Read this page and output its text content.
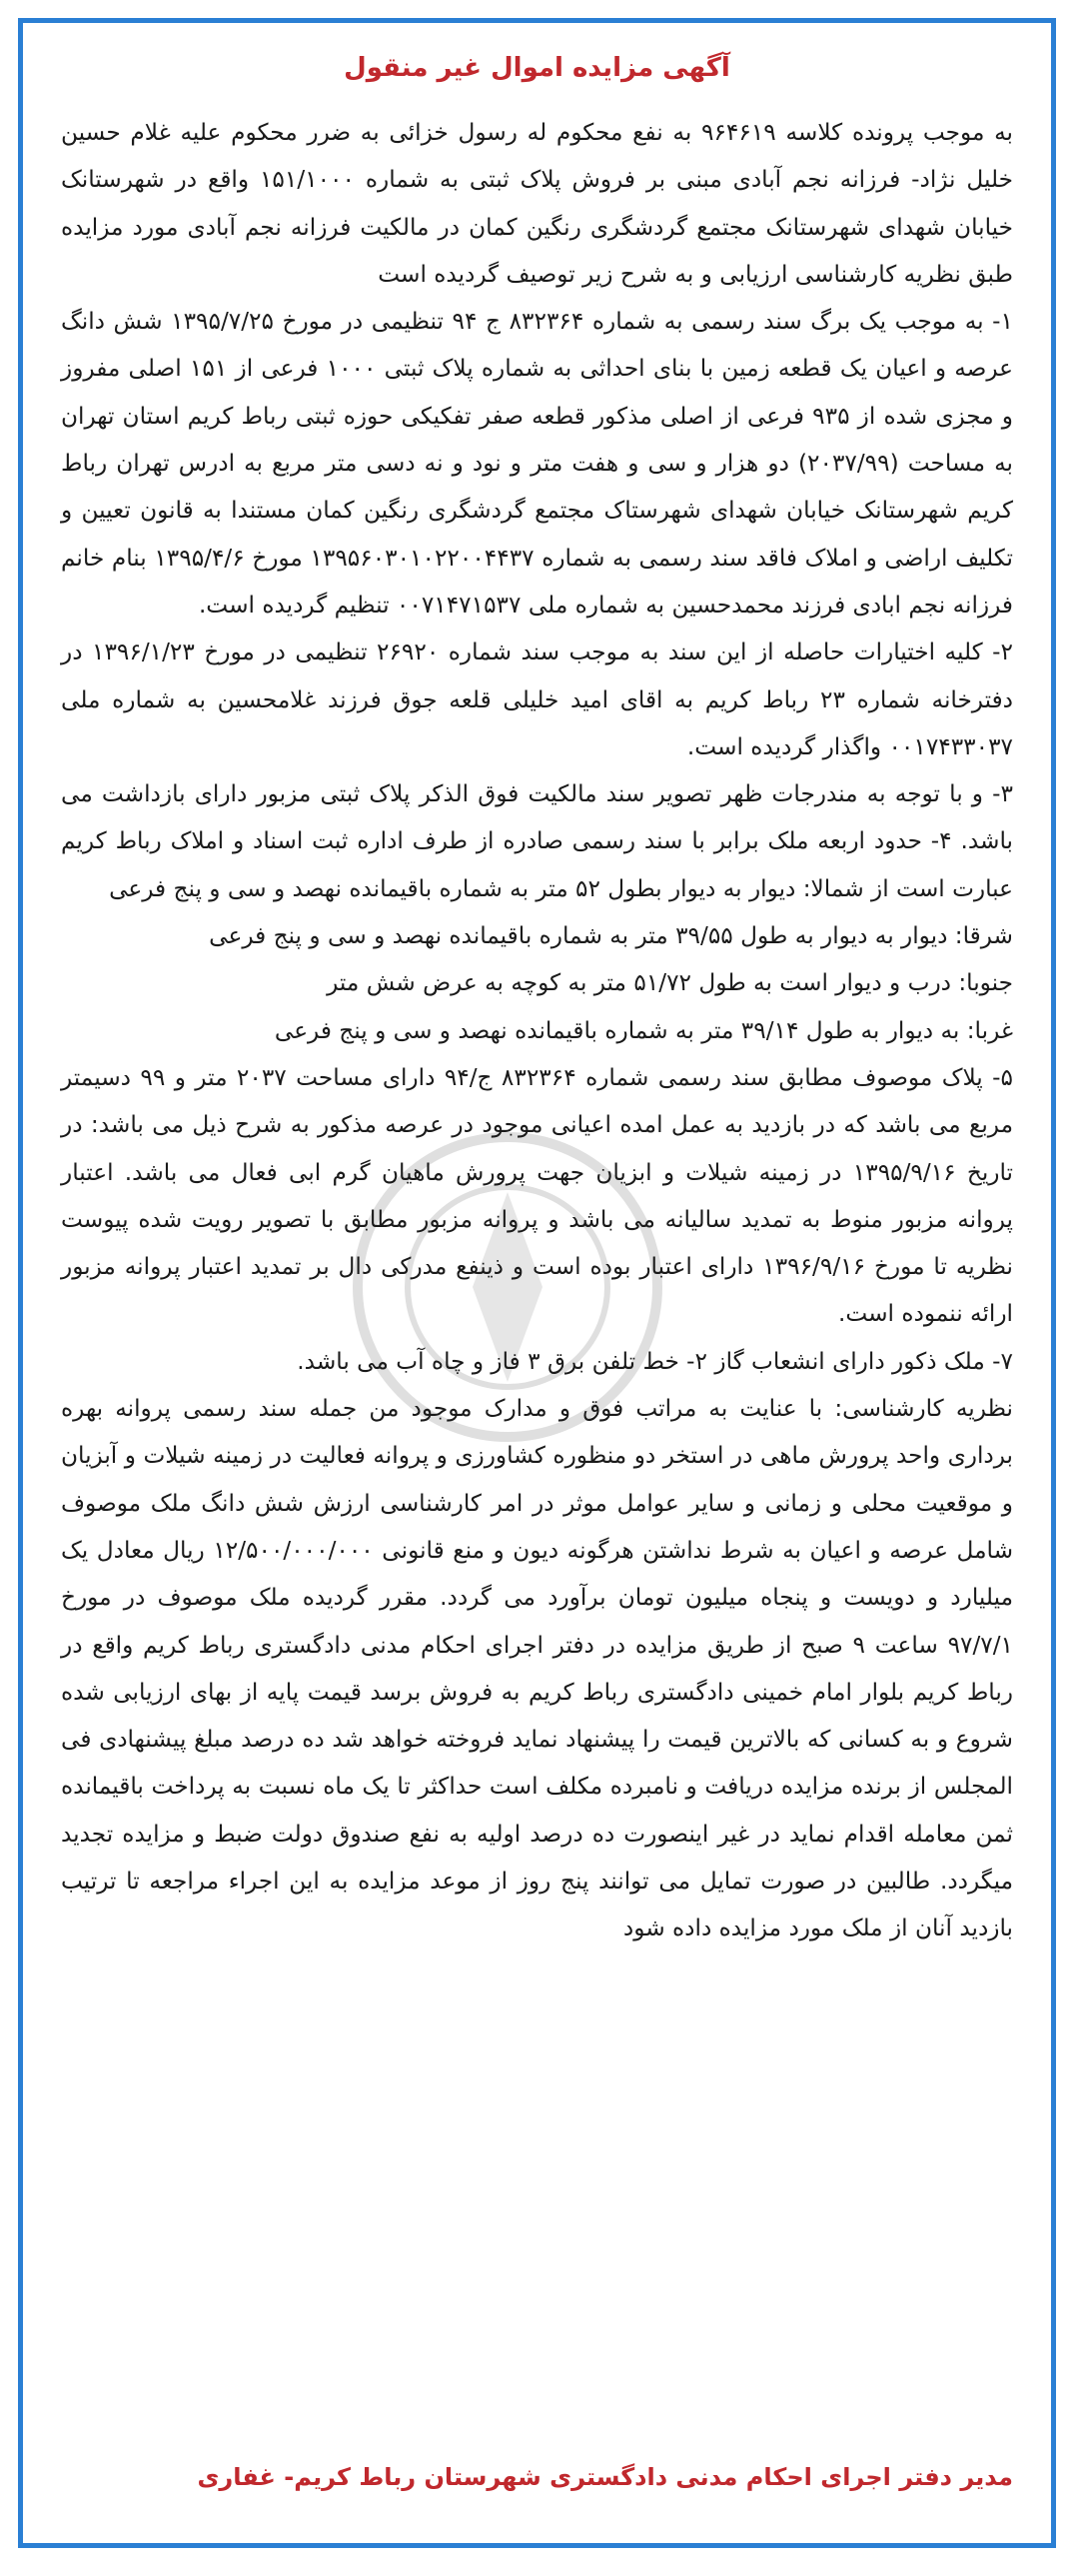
آگهی مزایده اموال غیر منقول

به موجب پرونده کلاسه ۹۶۴۶۱۹ به نفع محکوم له رسول خزائی به ضرر محکوم علیه غلام حسین خلیل نژاد- فرزانه نجم آبادی مبنی بر فروش پلاک ثبتی به شماره ۱۵۱/۱۰۰۰ واقع در شهرستانک خیابان شهدای شهرستانک مجتمع گردشگری رنگین کمان در مالکیت فرزانه نجم آبادی مورد مزایده طبق نظریه کارشناسی ارزیابی و به شرح زیر توصیف گردیده است

۱- به موجب یک برگ سند رسمی به شماره ۸۳۲۳۶۴ ج ۹۴ تنظیمی در مورخ ۱۳۹۵/۷/۲۵ شش دانگ عرصه و اعیان یک قطعه زمین با بنای احداثی به شماره پلاک ثبتی ۱۰۰۰ فرعی از ۱۵۱ اصلی مفروز و مجزی شده از ۹۳۵ فرعی از اصلی مذکور قطعه صفر تفکیکی حوزه ثبتی رباط کریم استان تهران به مساحت (۲۰۳۷/۹۹) دو هزار و سی و هفت متر و نود و نه دسی متر مربع به ادرس تهران رباط کریم شهرستانک خیابان شهدای شهرستاک مجتمع گردشگری رنگین کمان مستندا به قانون تعیین و تکلیف اراضی و املاک فاقد سند رسمی به شماره ۱۳۹۵۶۰۳۰۱۰۲۲۰۰۴۴۳۷ مورخ ۱۳۹۵/۴/۶ بنام خانم فرزانه نجم ابادی فرزند محمدحسین به شماره ملی ۰۰۷۱۴۷۱۵۳۷ تنظیم گردیده است.

۲- کلیه اختیارات حاصله از این سند به موجب سند شماره ۲۶۹۲۰ تنظیمی در مورخ ۱۳۹۶/۱/۲۳ در دفترخانه شماره ۲۳ رباط کریم به اقای امید خلیلی قلعه جوق فرزند غلامحسین به شماره ملی ۰۰۱۷۴۳۳۰۳۷ واگذار گردیده است.

۳- و با توجه به مندرجات ظهر تصویر سند مالکیت فوق الذکر پلاک ثبتی مزبور دارای بازداشت می باشد. ۴- حدود اربعه ملک برابر با سند رسمی صادره از طرف اداره ثبت اسناد و املاک رباط کریم عبارت است از شمالا: دیوار به دیوار بطول ۵۲ متر به شماره باقیمانده نهصد و سی و پنج فرعی

شرقا: دیوار به دیوار به طول ۳۹/۵۵ متر به شماره باقیمانده نهصد و سی و پنج فرعی

جنوبا: درب و دیوار است به طول ۵۱/۷۲ متر به کوچه به عرض شش متر

غربا: به دیوار به طول ۳۹/۱۴ متر به شماره باقیمانده نهصد و سی و پنج فرعی

۵- پلاک موصوف مطابق سند رسمی شماره ۸۳۲۳۶۴ ج/۹۴ دارای مساحت ۲۰۳۷ متر و ۹۹ دسیمتر مربع می باشد که در بازدید به عمل امده اعیانی موجود در عرصه مذکور به شرح ذیل می باشد: در تاریخ ۱۳۹۵/۹/۱۶ در زمینه شیلات و ابزیان جهت پرورش ماهیان گرم ابی فعال می باشد. اعتبار پروانه مزبور منوط به تمدید سالیانه می باشد و پروانه مزبور مطابق با تصویر رویت شده پیوست نظریه تا مورخ ۱۳۹۶/۹/۱۶ دارای اعتبار بوده است و ذینفع مدرکی دال بر تمدید اعتبار پروانه مزبور ارائه ننموده است.

۷- ملک ذکور دارای انشعاب گاز ۲- خط تلفن برق ۳ فاز و چاه آب می باشد.

نظریه کارشناسی: با عنایت به مراتب فوق و مدارک موجود من جمله سند رسمی پروانه بهره برداری واحد پرورش ماهی در استخر دو منظوره کشاورزی و پروانه فعالیت در زمینه شیلات و آبزیان و موقعیت محلی و زمانی و سایر عوامل موثر در امر کارشناسی ارزش شش دانگ ملک موصوف شامل عرصه و اعیان به شرط نداشتن هرگونه دیون و منع قانونی ۱۲/۵۰۰/۰۰۰/۰۰۰ ریال معادل یک میلیارد و دویست و پنجاه میلیون تومان برآورد می گردد. مقرر گردیده ملک موصوف در مورخ ۹۷/۷/۱ ساعت ۹ صبح از طریق مزایده در دفتر اجرای احکام مدنی دادگستری رباط کریم واقع در رباط کریم بلوار امام خمینی دادگستری رباط کریم به فروش برسد قیمت پایه از بهای ارزیابی شده شروع و به کسانی که بالاترین قیمت را پیشنهاد نماید فروخته خواهد شد ده درصد مبلغ پیشنهادی فی المجلس از برنده مزایده دریافت و نامبرده مکلف است حداکثر تا یک ماه نسبت به پرداخت باقیمانده ثمن معامله اقدام نماید در غیر اینصورت ده درصد اولیه به نفع صندوق دولت ضبط و مزایده تجدید میگردد. طالبین در صورت تمایل می توانند پنج روز از موعد مزایده به این اجراء مراجعه تا ترتیب بازدید آنان از ملک مورد مزایده داده شود

مدیر دفتر اجرای احکام مدنی دادگستری شهرستان رباط کریم- غفاری
